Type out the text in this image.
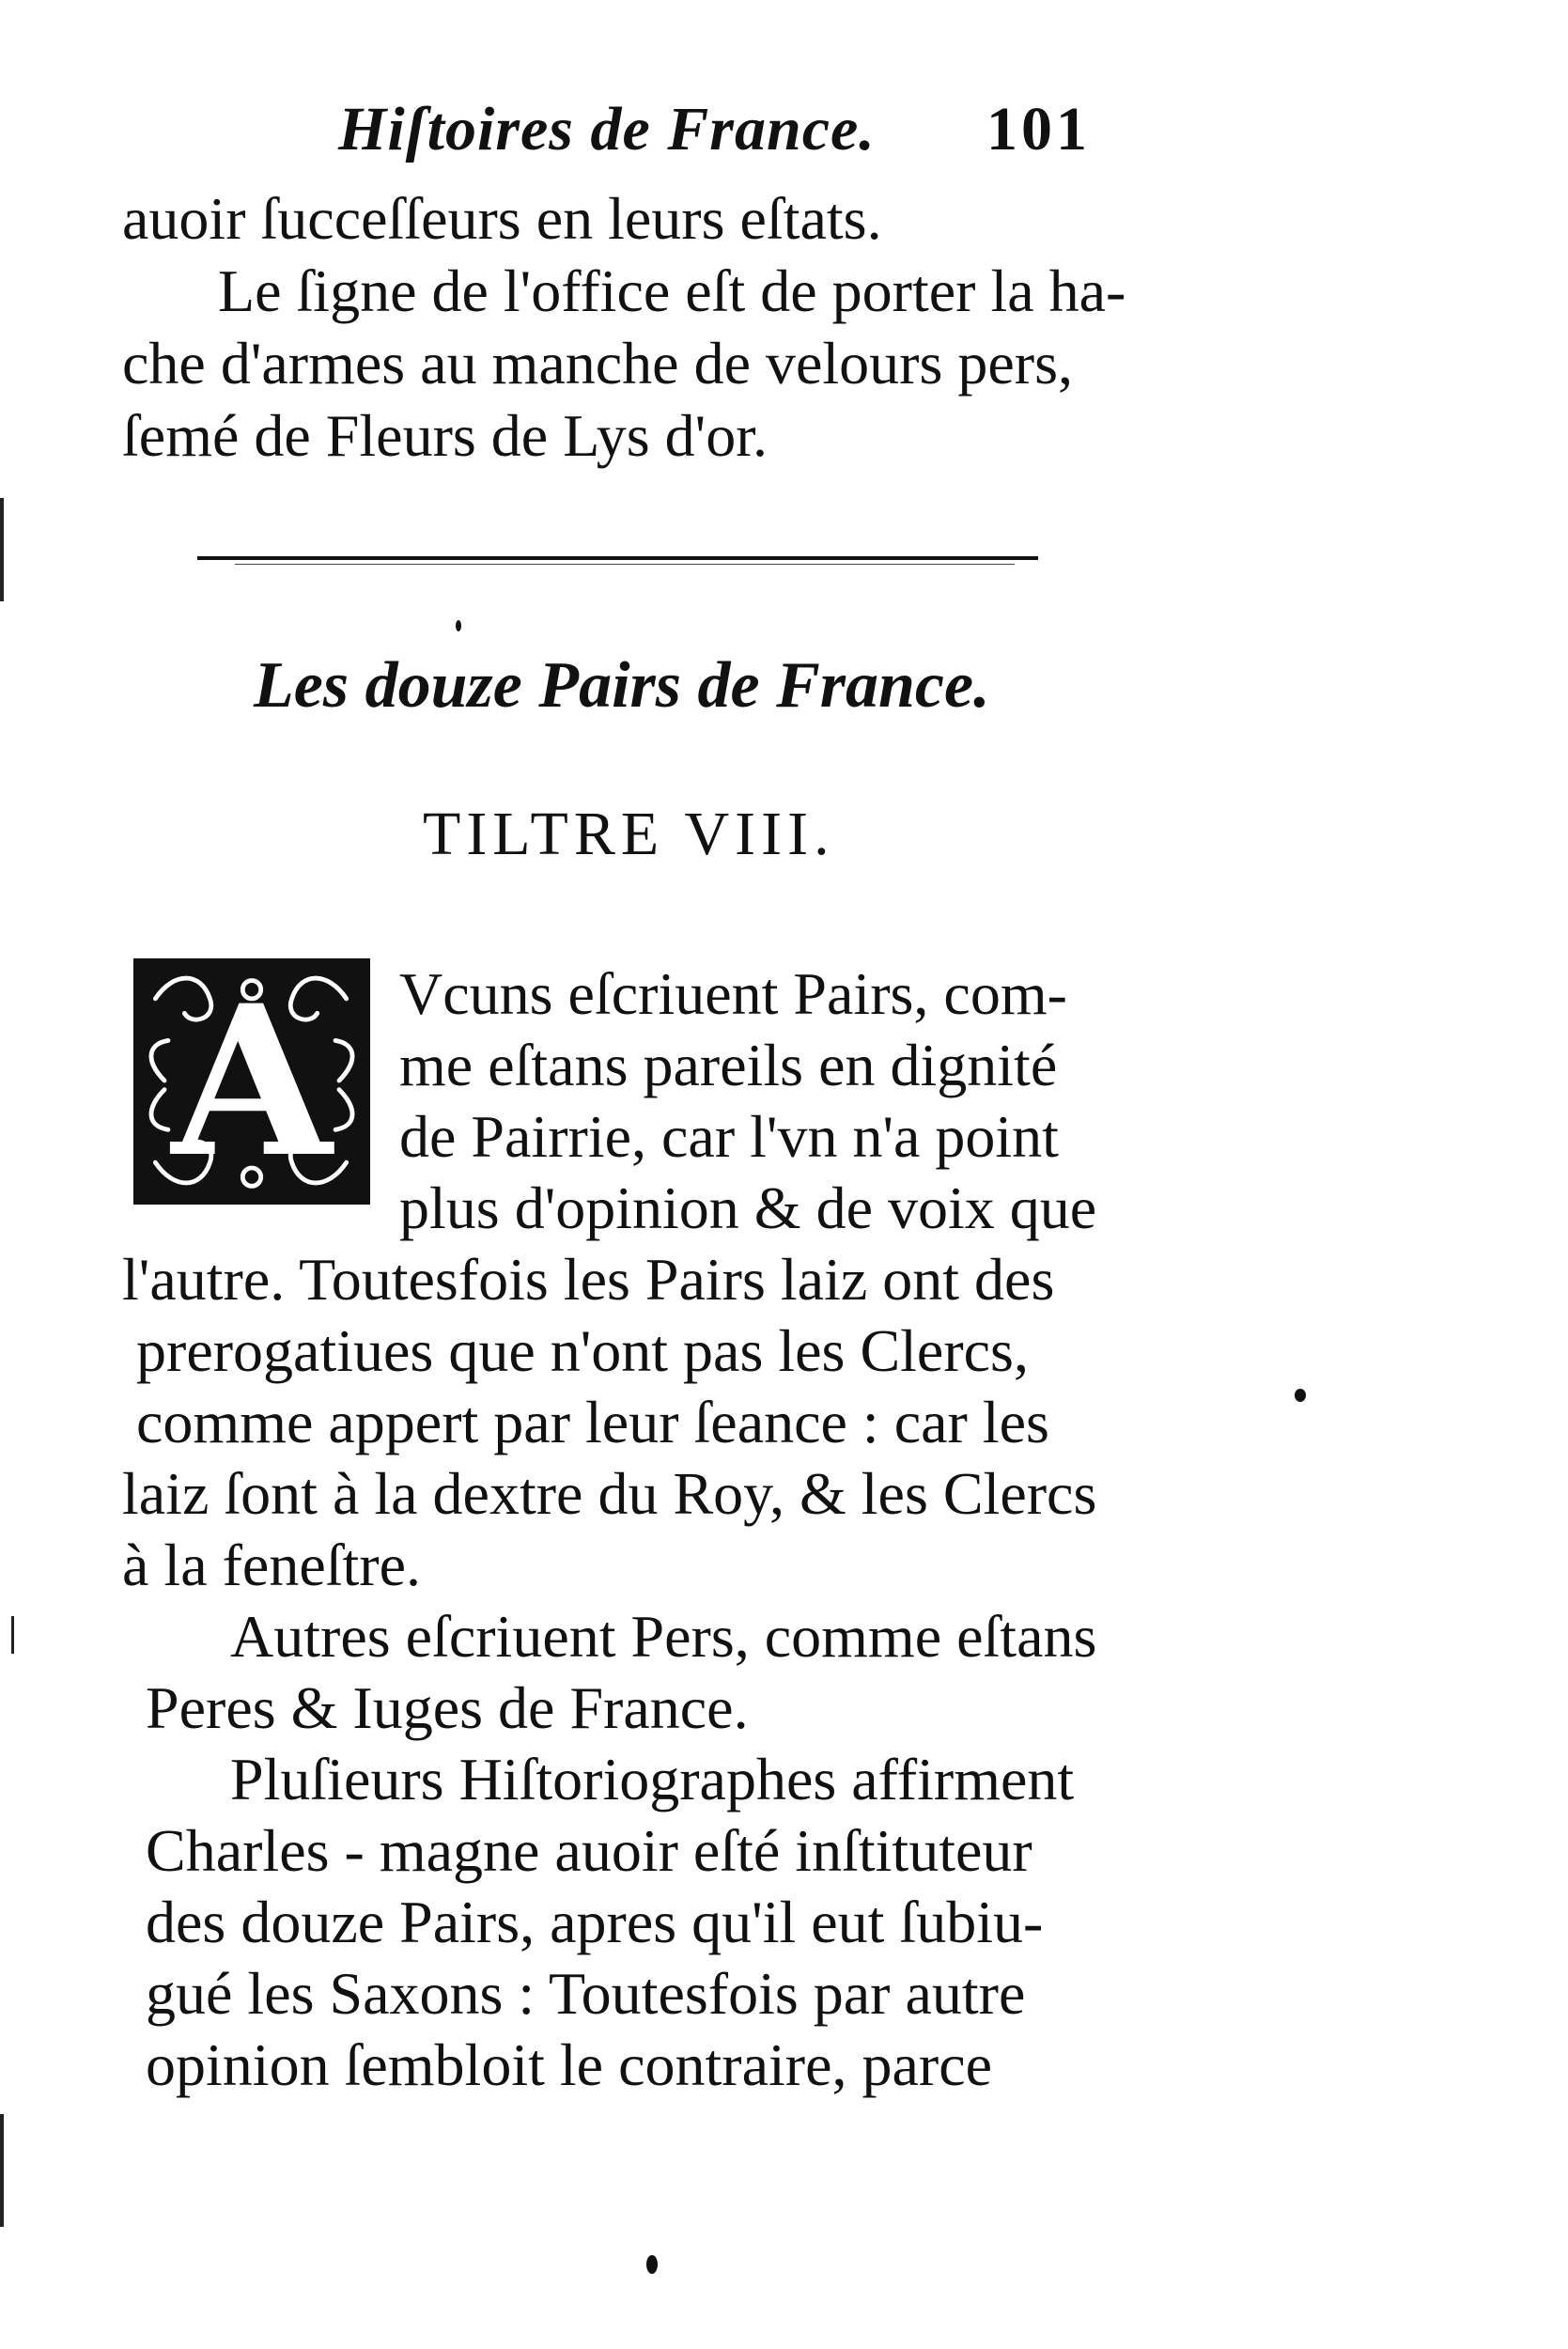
Hiſtoires de France. 101
auoir ſucceſſeurs en leurs eſtats.
Le ſigne de l'office eſt de porter la ha-
che d'armes au manche de velours pers,
ſemé de Fleurs de Lys d'or.
Les douze Pairs de France.
TILTRE VIII.
A	Vcuns eſcriuent Pairs, com-
me eſtans pareils en dignité
de Pairrie, car l'vn n'a point
plus d'opinion & de voix que
l'autre. Toutesfois les Pairs laiz ont des
prerogatiues que n'ont pas les Clercs,
comme appert par leur ſeance : car les
laiz ſont à la dextre du Roy, & les Clercs
à la feneſtre.
Autres eſcriuent Pers, comme eſtans
Peres & Iuges de France.
Pluſieurs Hiſtoriographes affirment
Charles - magne auoir eſté inſtituteur
des douze Pairs, apres qu'il eut ſubiu-
gué les Saxons : Toutesfois par autre
opinion ſembloit le contraire, parce
